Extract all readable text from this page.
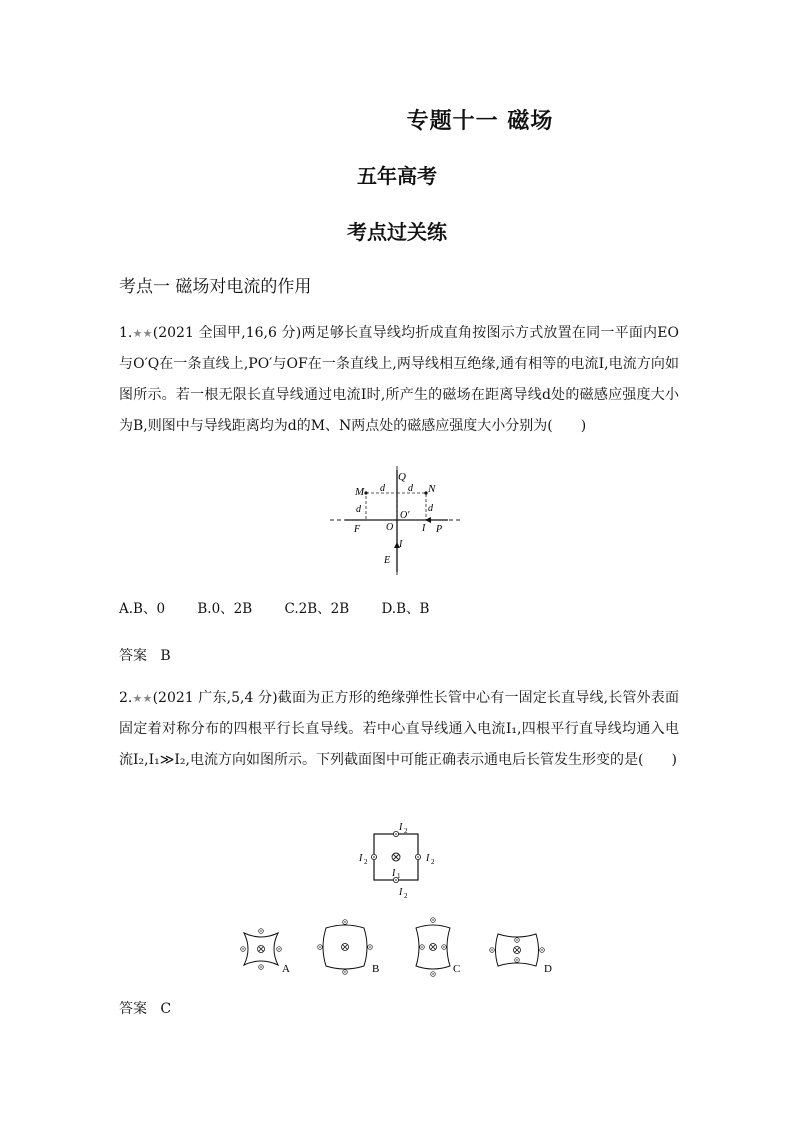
专题十一 磁场
五年高考
考点过关练
考点一 磁场对电流的作用
1.★★(2021 全国甲,16,6 分)两足够长直导线均折成直角按图示方式放置在同一平面内EO与O′Q在一条直线上,PO′与OF在一条直线上,两导线相互绝缘,通有相等的电流I,电流方向如图所示。若一根无限长直导线通过电流I时,所产生的磁场在距离导线d处的磁感应强度大小为B,则图中与导线距离均为d的M、N两点处的磁感应强度大小分别为(　　)
M	N
Q
d d
d	d
O′
O
F	I P
I
E
A.B、0 B.0、2B C.2B、2B D.B、B
答案 B
2.★★(2021 广东,5,4 分)截面为正方形的绝缘弹性长管中心有一固定长直导线,长管外表面固定着对称分布的四根平行长直导线。若中心直导线通入电流I₁,四根平行直导线均通入电流I₂,I₁≫I₂,电流方向如图所示。下列截面图中可能正确表示通电后长管发生形变的是(　　)
I 2
I 2	I 2
I 1
I 2
A	B	C	D
答案 C
